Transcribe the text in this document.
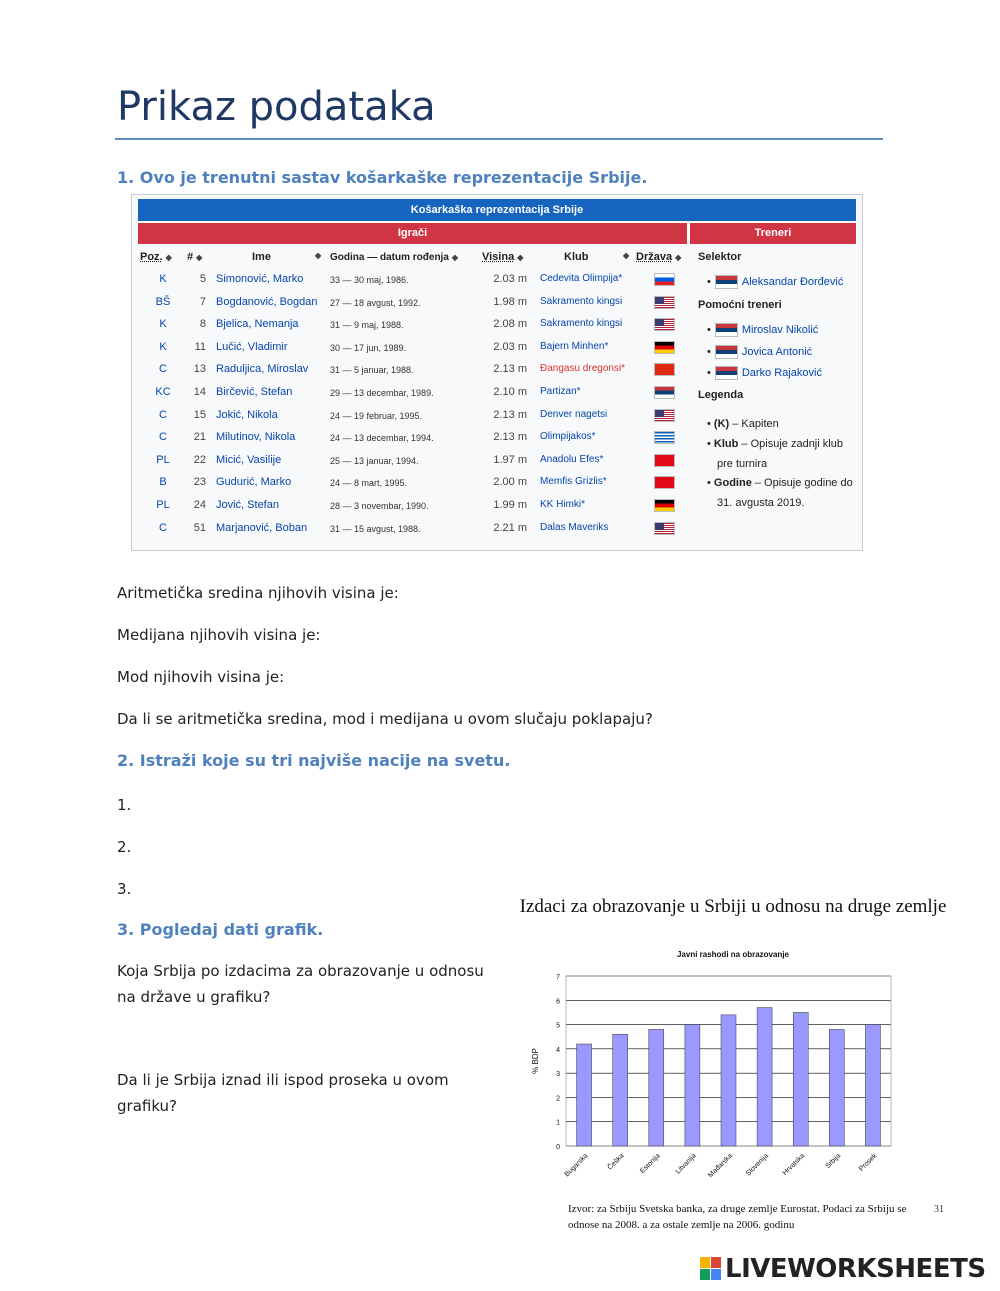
Prikaz podataka
1. Ovo je trenutni sastav košarkaške reprezentacije Srbije.
Košarkaška reprezentacija Srbije
Igrači	Treneri
Poz. ◆ # ◆	Ime	◆ Godina — datum rođenja ◆ Visina ◆	Klub	◆ Država ◆
K	5 Simonović, Marko	33 — 30 maj, 1986.	2.03 m Cedevita Olimpija*
BŠ	7 Bogdanović, Bogdan 27 — 18 avgust, 1992.	1.98 m Sakramento kingsi
K	8 Bjelica, Nemanja	31 — 9 maj, 1988.	2.08 m Sakramento kingsi
K	11 Lučić, Vladimir	30 — 17 jun, 1989.	2.03 m Bajern Minhen*
C	13 Raduljica, Miroslav 31 — 5 januar, 1988.	2.13 m Đangasu dregonsi*
KC	14 Birčević, Stefan	29 — 13 decembar, 1989.	2.10 m Partizan*
C	15 Jokić, Nikola	24 — 19 februar, 1995.	2.13 m Denver nagetsi
C	21 Milutinov, Nikola	24 — 13 decembar, 1994.	2.13 m Olimpijakos*
PL	22 Micić, Vasilije	25 — 13 januar, 1994.	1.97 m Anadolu Efes*
B	23 Gudurić, Marko	24 — 8 mart, 1995.	2.00 m Memfis Grizlis*
PL	24 Jović, Stefan	28 — 3 novembar, 1990.	1.99 m KK Himki*
C	51 Marjanović, Boban	31 — 15 avgust, 1988.	2.21 m Dalas Maveriks
Selektor
•	Aleksandar Đorđević
Pomoćni treneri
•	Miroslav Nikolić
•	Jovica Antonić
•	Darko Rajaković
Legenda
• (K) – Kapiten
• Klub – Opisuje zadnji klub pre turnira
• Godine – Opisuje godine do 31. avgusta 2019.
Aritmetička sredina njihovih visina je:
Medijana njihovih visina je:
Mod njihovih visina je:
Da li se aritmetička sredina, mod i medijana u ovom slučaju poklapaju?
2. Istraži koje su tri najviše nacije na svetu.
1.
2.
3.
3. Pogledaj dati grafik.
Koja Srbija po izdacima za obrazovanje u odnosu na države u grafiku?
Da li je Srbija iznad ili ispod proseka u ovom grafiku?
Izdaci za obrazovanje u Srbiji u odnosu na druge zemlje
Javni rashodi na obrazovanje
0
1
2
3
4
5
6
7
% BDP
Bugarska Češka Estonija Litvanija Mađarska Slovenija Hrvatska	Srbija Prosek
Izvor: za Srbiju Svetska banka, za druge zemlje Eurostat. Podaci za Srbiju se odnose na 2008. a za ostale zemlje na 2006. godinu
31
LIVEWORKSHEETS
